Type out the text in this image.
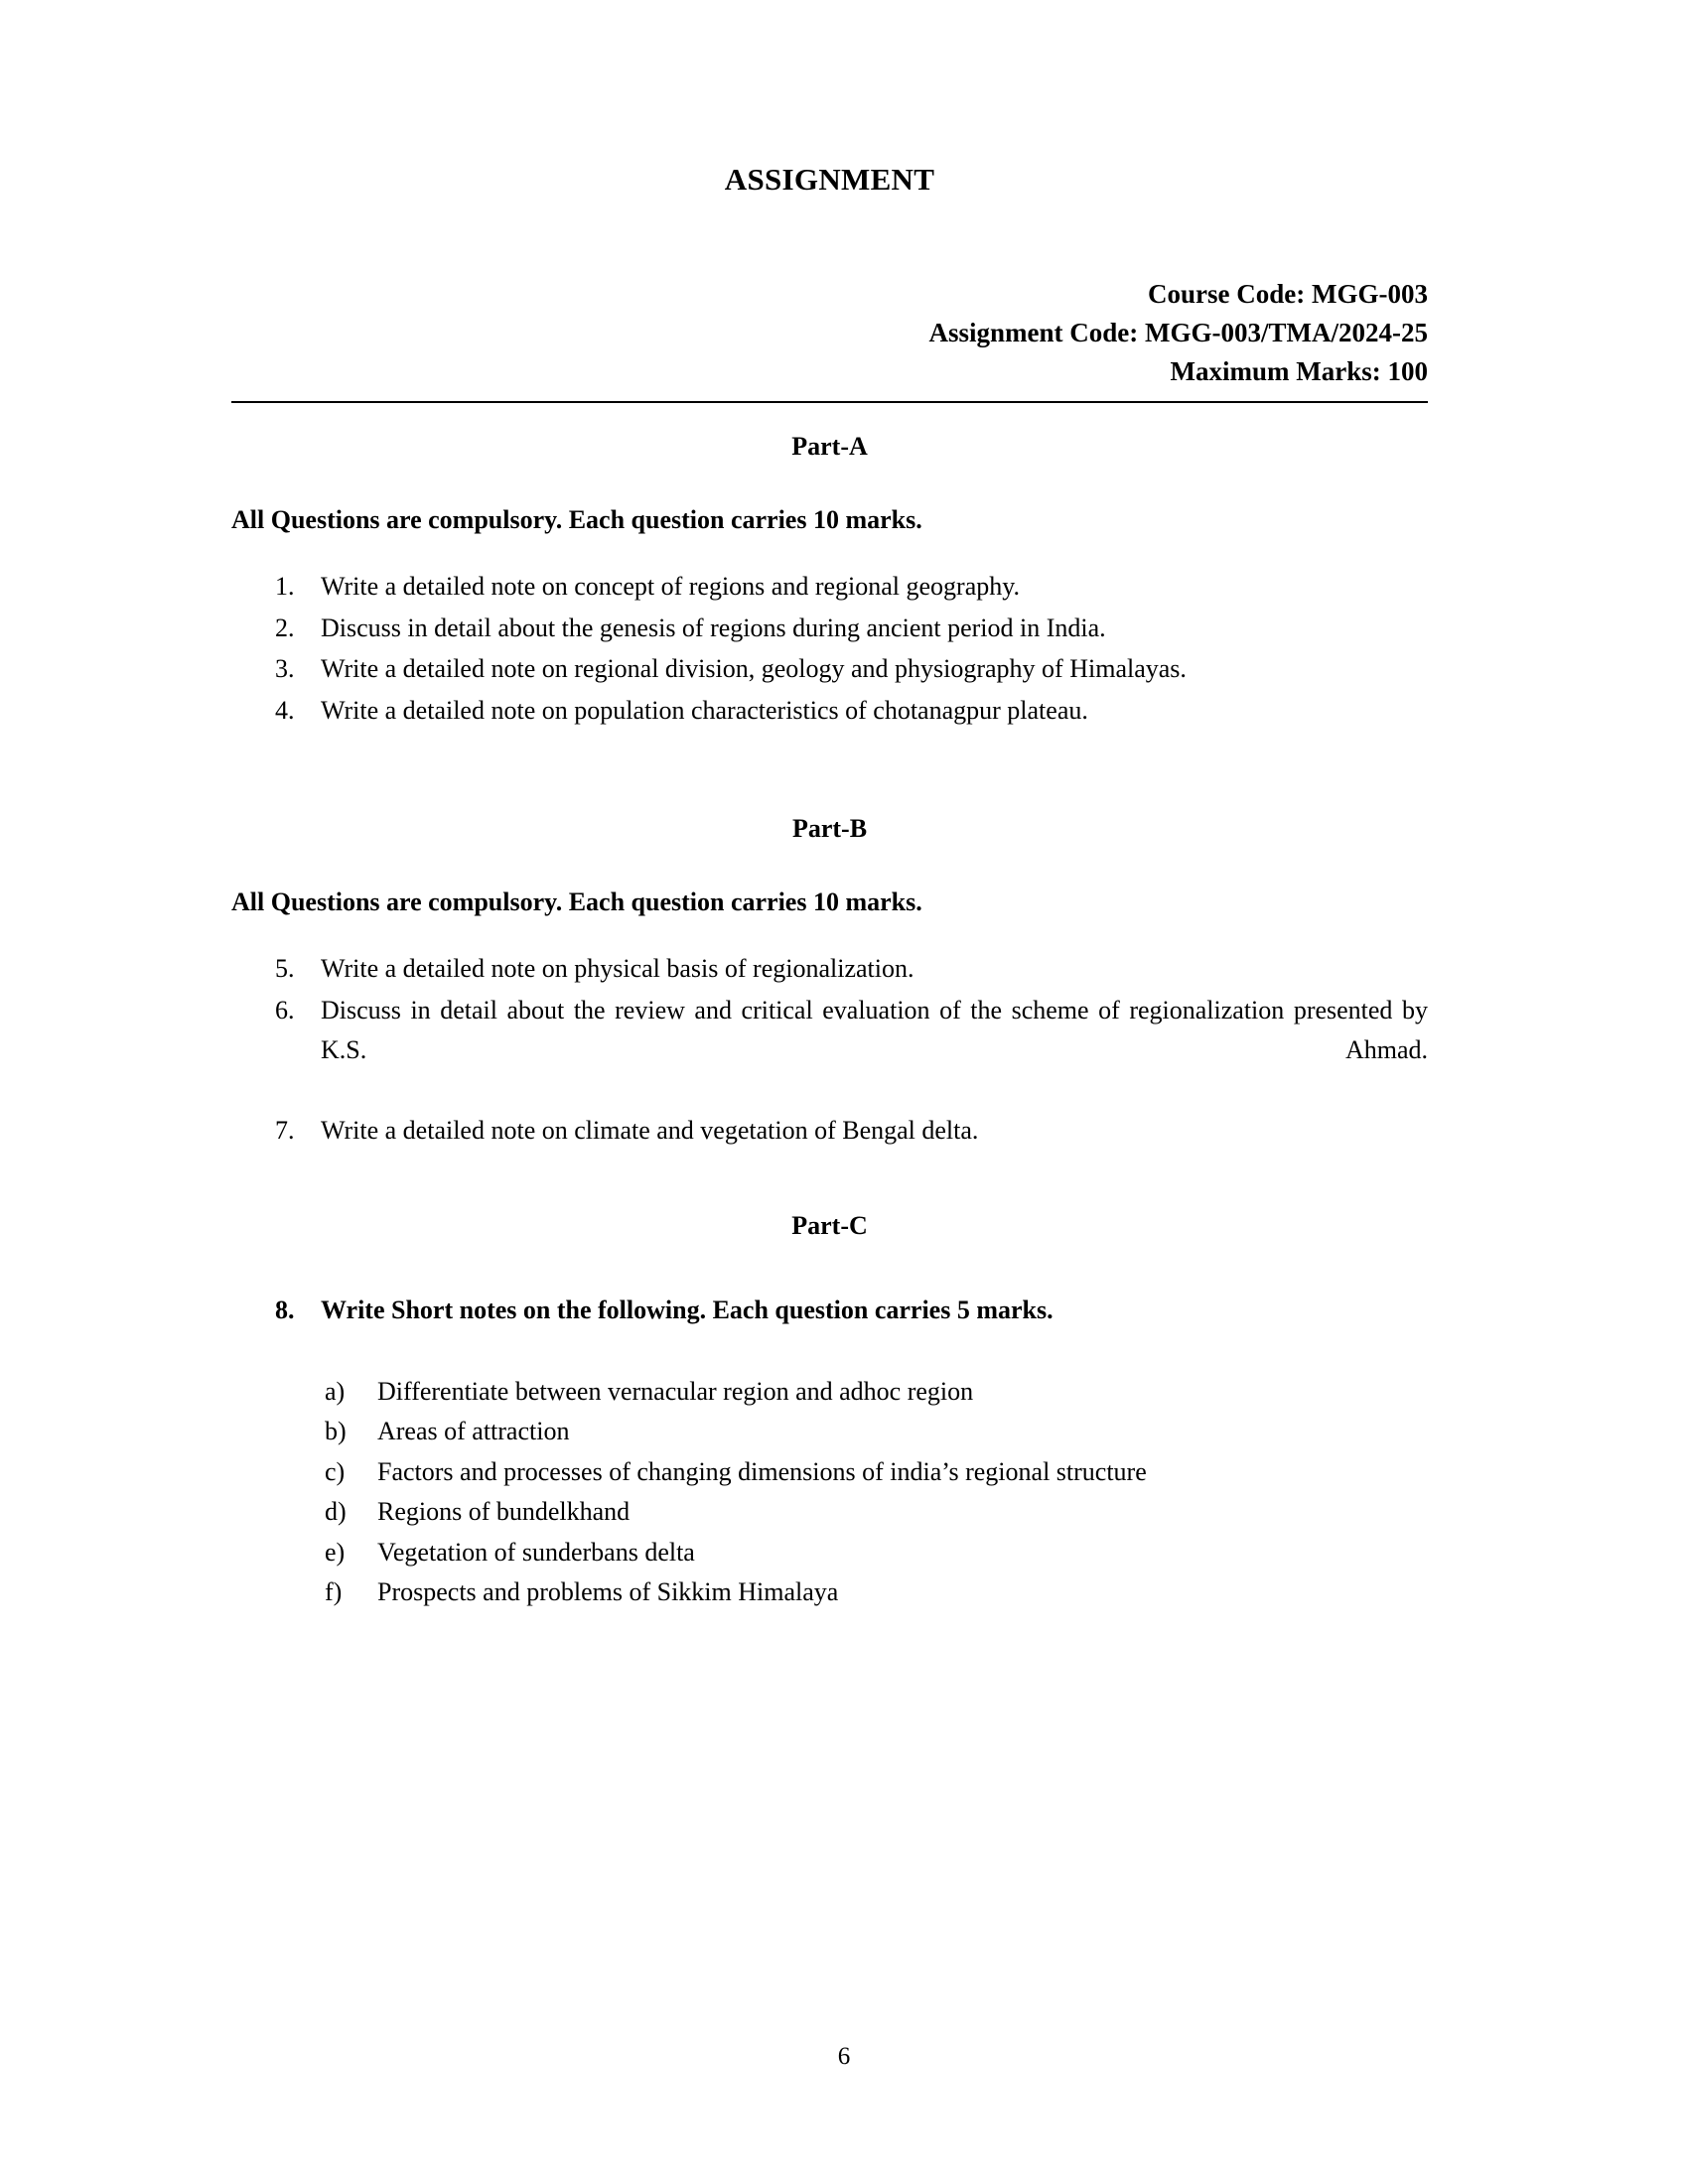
ASSIGNMENT
Course Code: MGG-003
Assignment Code: MGG-003/TMA/2024-25
Maximum Marks: 100
Part-A
All Questions are compulsory. Each question carries 10 marks.
1.	Write a detailed note on concept of regions and regional geography.
2.	Discuss in detail about the genesis of regions during ancient period in India.
3.	Write a detailed note on regional division, geology and physiography of Himalayas.
4.	Write a detailed note on population characteristics of chotanagpur plateau.
Part-B
All Questions are compulsory. Each question carries 10 marks.
5.	Write a detailed note on physical basis of regionalization.
6.	Discuss in detail about the review and critical evaluation of the scheme of regionalization presented by K.S. Ahmad.
7.	Write a detailed note on climate and vegetation of Bengal delta.
Part-C
8.	Write Short notes on the following. Each question carries 5 marks.
a)	Differentiate between vernacular region and adhoc region
b)	Areas of attraction
c)	Factors and processes of changing dimensions of india’s regional structure
d)	Regions of bundelkhand
e)	Vegetation of sunderbans delta
f)	Prospects and problems of Sikkim Himalaya
6
